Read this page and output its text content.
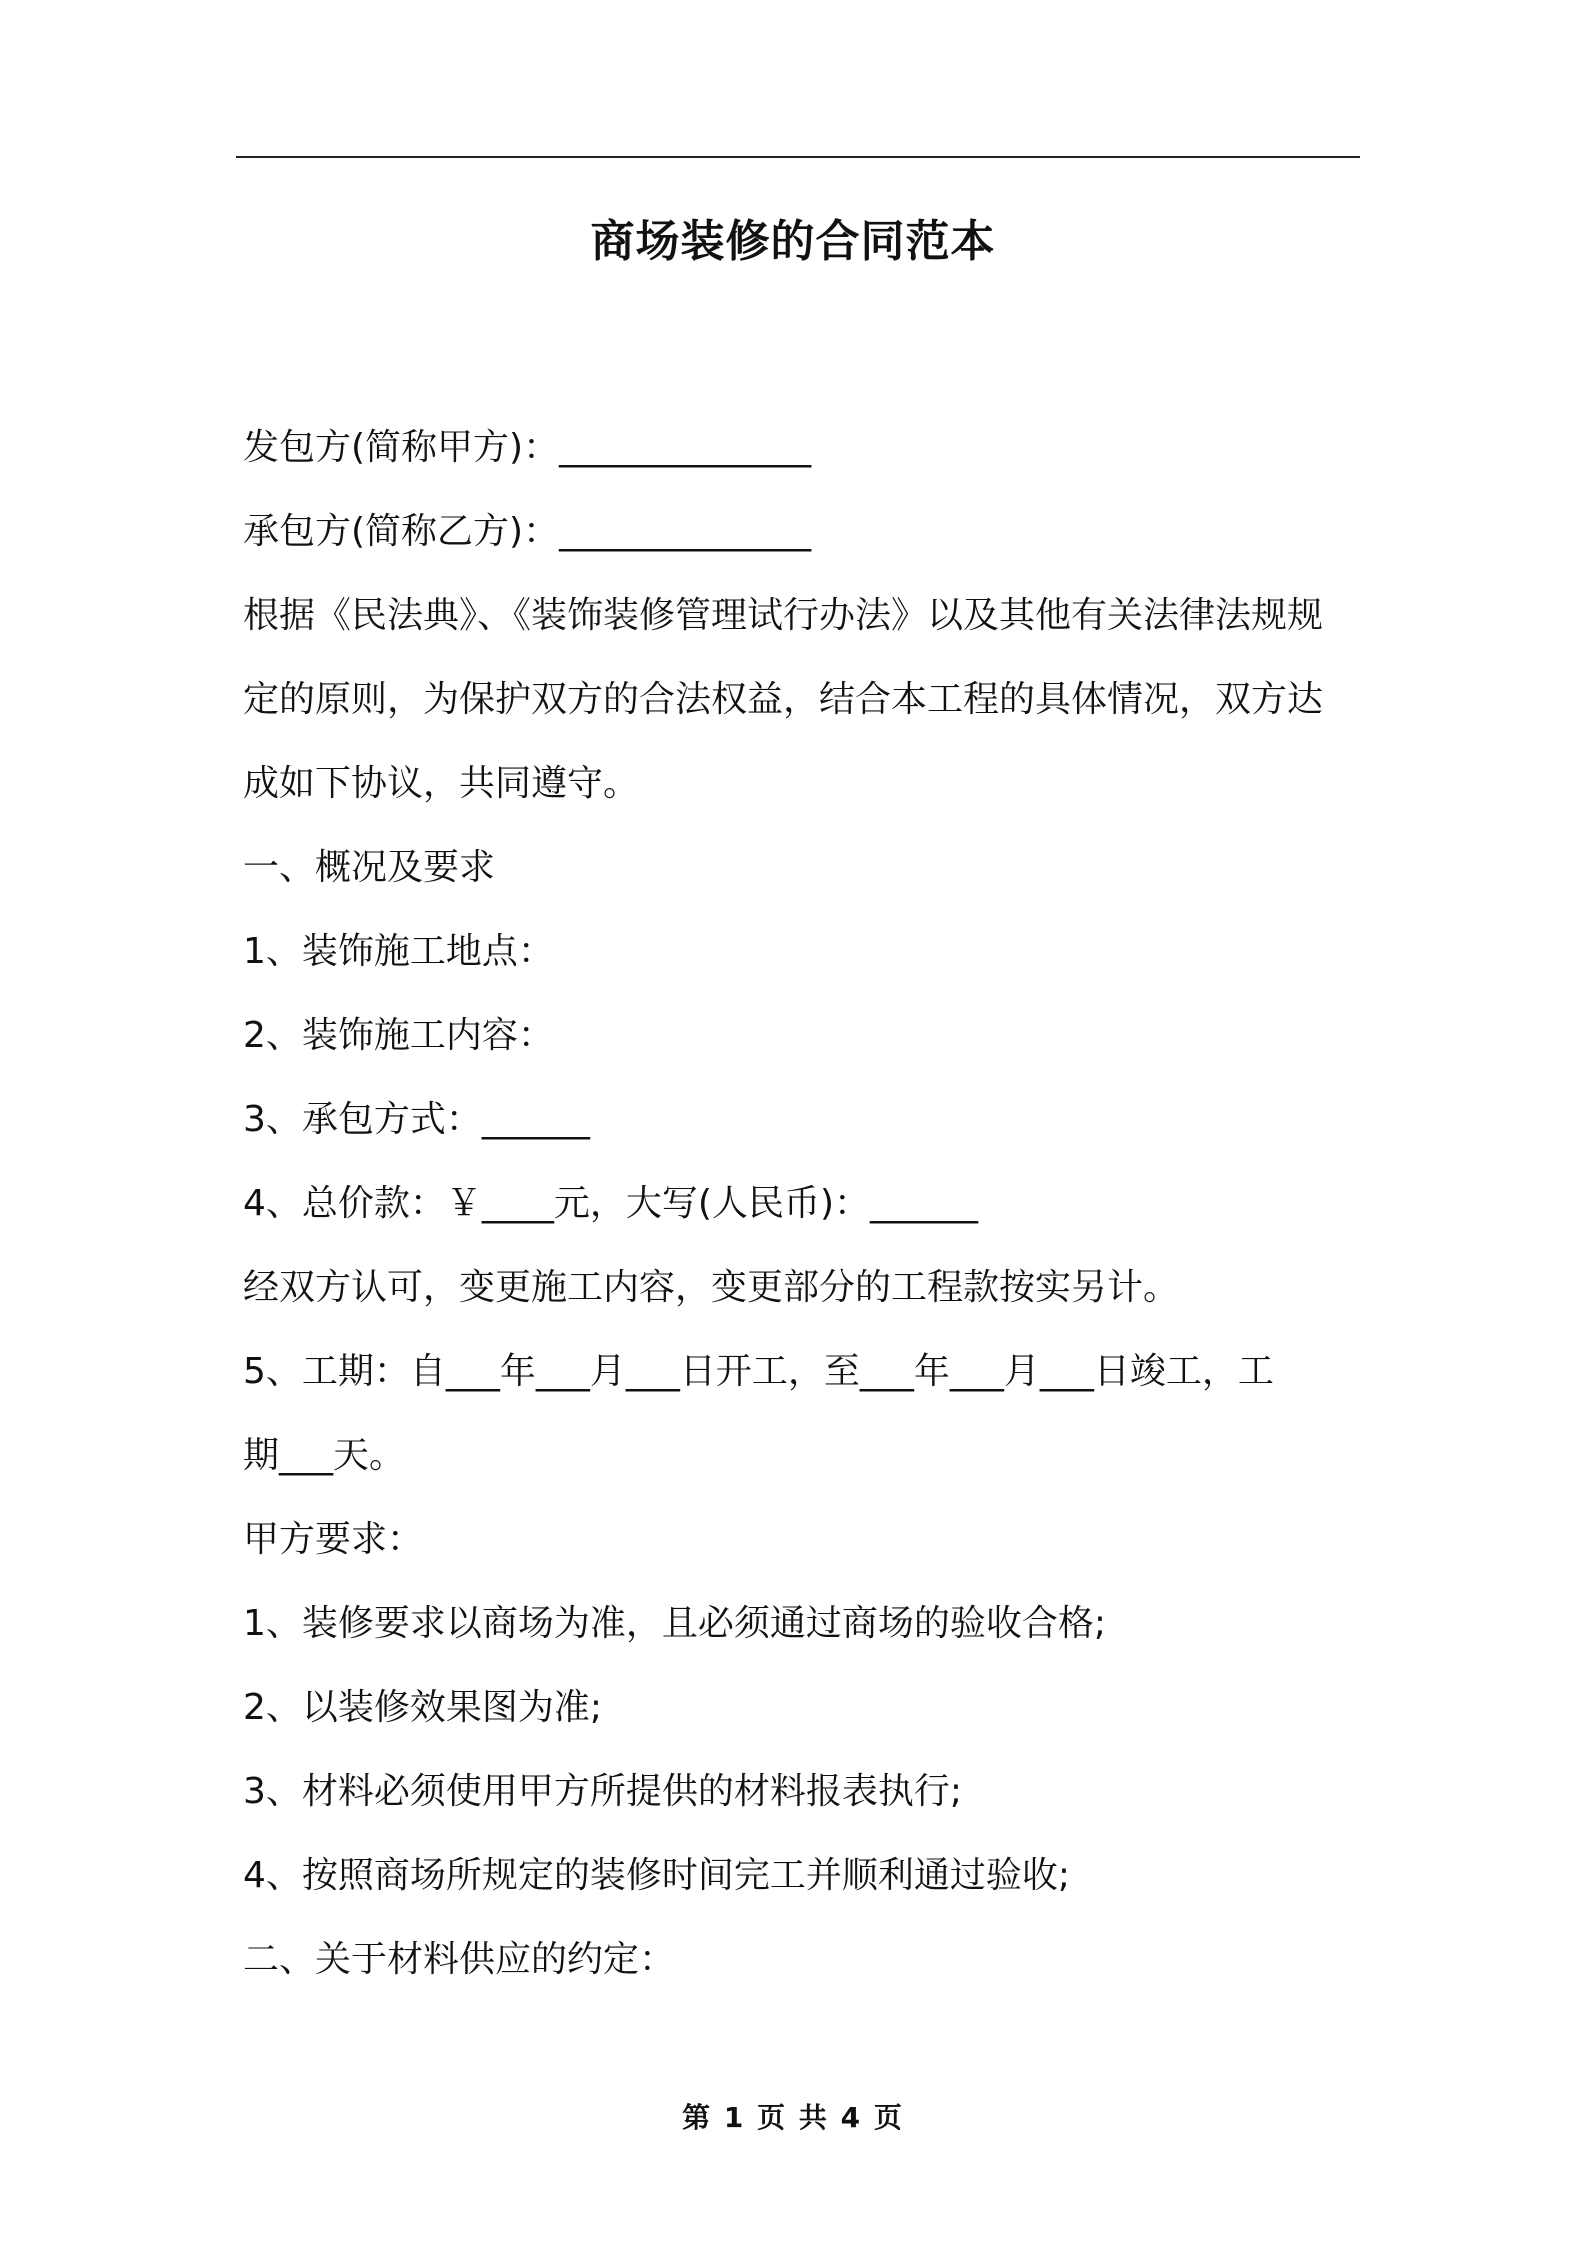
商场装修的合同范本
发包方(简称甲方)：______________
承包方(简称乙方)：______________
根据《民法典》、《装饰装修管理试行办法》以及其他有关法律法规规
定的原则，为保护双方的合法权益，结合本工程的具体情况，双方达
成如下协议，共同遵守。
一、概况及要求
1、装饰施工地点：
2、装饰施工内容：
3、承包方式：______
4、总价款：￥____元，大写(人民币)：______
经双方认可，变更施工内容，变更部分的工程款按实另计。
5、工期：自___年___月___日开工，至___年___月___日竣工，工
期___天。
甲方要求：
1、装修要求以商场为准，且必须通过商场的验收合格;
2、以装修效果图为准;
3、材料必须使用甲方所提供的材料报表执行;
4、按照商场所规定的装修时间完工并顺利通过验收;
二、关于材料供应的约定：
第 1 页 共 4 页
